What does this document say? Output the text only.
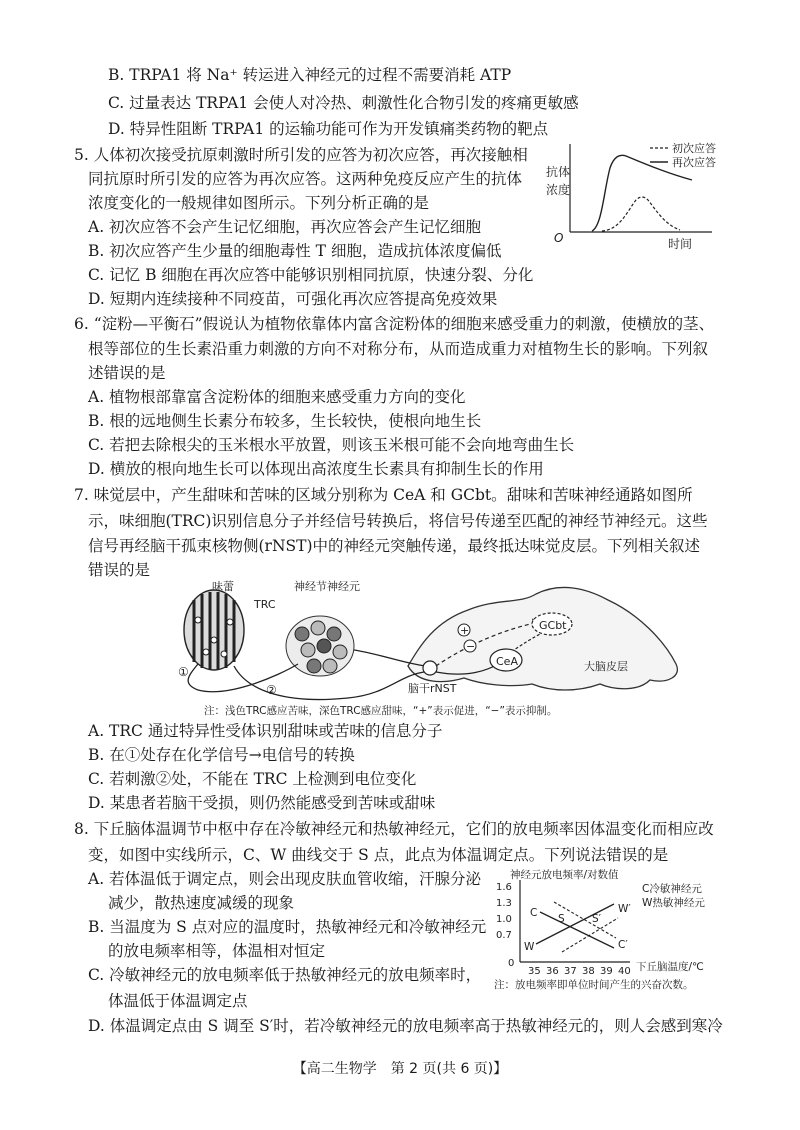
B. TRPA1 将 Na⁺ 转运进入神经元的过程不需要消耗 ATP
C. 过量表达 TRPA1 会使人对冷热、刺激性化合物引发的疼痛更敏感
D. 特异性阻断 TRPA1 的运输功能可作为开发镇痛类药物的靶点
5. 人体初次接受抗原刺激时所引发的应答为初次应答，再次接触相
同抗原时所引发的应答为再次应答。这两种免疫反应产生的抗体
浓度变化的一般规律如图所示。下列分析正确的是
A. 初次应答不会产生记忆细胞，再次应答会产生记忆细胞
B. 初次应答产生少量的细胞毒性 T 细胞，造成抗体浓度偏低
C. 记忆 B 细胞在再次应答中能够识别相同抗原，快速分裂、分化
D. 短期内连续接种不同疫苗，可强化再次应答提高免疫效果
初次应答
再次应答
抗体
浓度
O	时间
6. “淀粉—平衡石”假说认为植物依靠体内富含淀粉体的细胞来感受重力的刺激，使横放的茎、
根等部位的生长素沿重力刺激的方向不对称分布，从而造成重力对植物生长的影响。下列叙
述错误的是
A. 植物根部靠富含淀粉体的细胞来感受重力方向的变化
B. 根的远地侧生长素分布较多，生长较快，使根向地生长
C. 若把去除根尖的玉米根水平放置，则该玉米根可能不会向地弯曲生长
D. 横放的根向地生长可以体现出高浓度生长素具有抑制生长的作用
7. 味觉层中，产生甜味和苦味的区域分别称为 CeA 和 GCbt。甜味和苦味神经通路如图所
示，味细胞(TRC)识别信息分子并经信号转换后，将信号传递至匹配的神经节神经元。这些
信号再经脑干孤束核物侧(rNST)中的神经元突触传递，最终抵达味觉皮层。下列相关叙述
错误的是
GCbt
CeA
+
−
味蕾
TRC
神经节神经元
大脑皮层
脑干rNST
①
②
注：浅色TRC感应苦味，深色TRC感应甜味，“+”表示促进，“−”表示抑制。
A. TRC 通过特异性受体识别甜味或苦味的信息分子
B. 在①处存在化学信号→电信号的转换
C. 若刺激②处，不能在 TRC 上检测到电位变化
D. 某患者若脑干受损，则仍然能感受到苦味或甜味
8. 下丘脑体温调节中枢中存在冷敏神经元和热敏神经元，它们的放电频率因体温变化而相应改
变，如图中实线所示，C、W 曲线交于 S 点，此点为体温调定点。下列说法错误的是
A. 若体温低于调定点，则会出现皮肤血管收缩，汗腺分泌
减少，散热速度减缓的现象
B. 当温度为 S 点对应的温度时，热敏神经元和冷敏神经元
的放电频率相等，体温相对恒定
C. 冷敏神经元的放电频率低于热敏神经元的放电频率时，
体温低于体温调定点
D. 体温调定点由 S 调至 S′时，若冷敏神经元的放电频率高于热敏神经元的，则人会感到寒冷
神经元放电频率/对数值
C冷敏神经元
W热敏神经元
1.6
1.3
1.0
0.7
0
35 36 37 38 39 40 下丘脑温度/℃
注：放电频率即单位时间产生的兴奋次数。
C S	S′
W′
C′
W
【高二生物学　第 2 页(共 6 页)】
